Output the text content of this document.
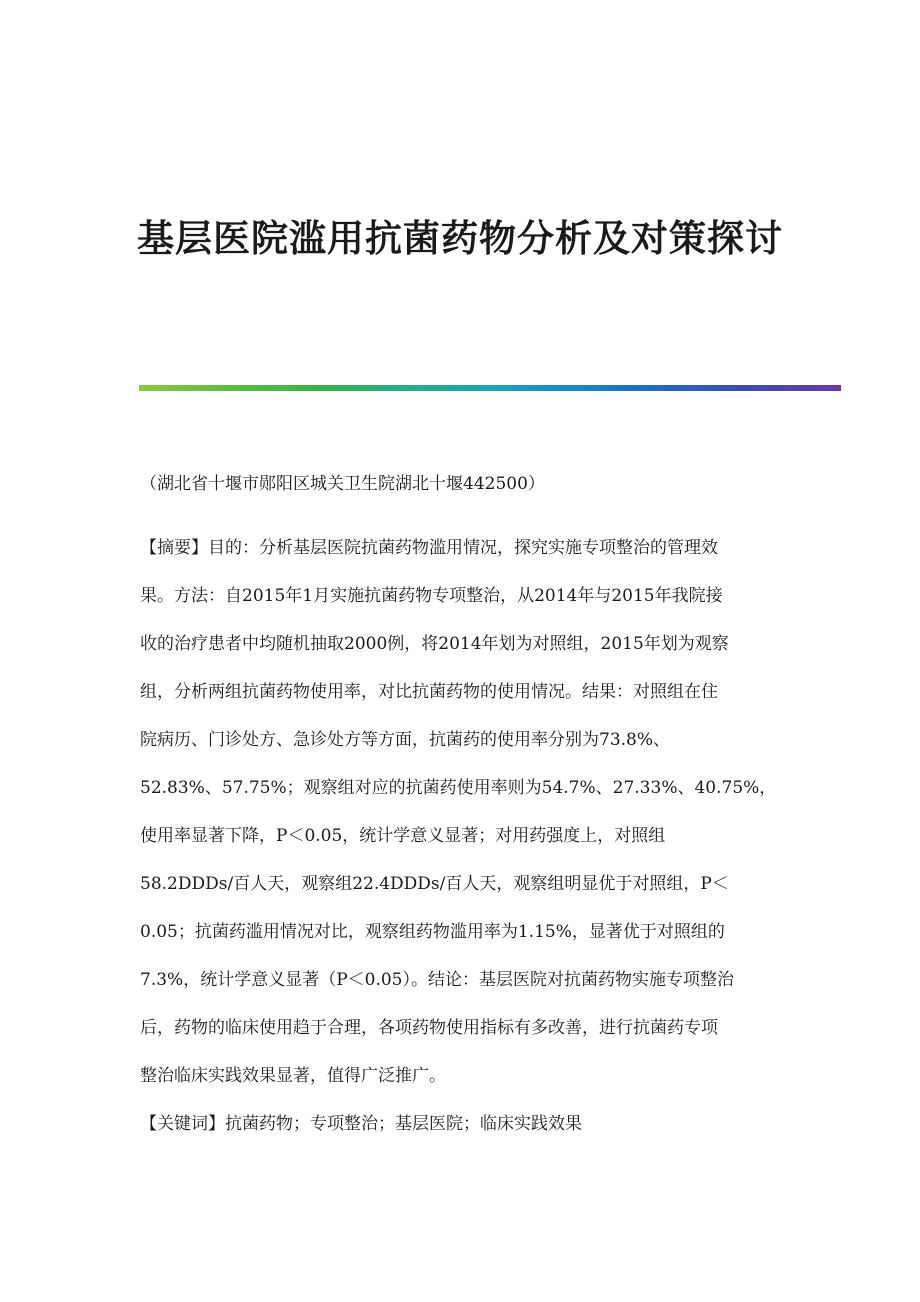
基层医院滥用抗菌药物分析及对策探讨

（湖北省十堰市郧阳区城关卫生院湖北十堰442500）

【摘要】目的：分析基层医院抗菌药物滥用情况，探究实施专项整治的管理效
果。方法：自2015年1月实施抗菌药物专项整治，从2014年与2015年我院接
收的治疗患者中均随机抽取2000例，将2014年划为对照组，2015年划为观察
组，分析两组抗菌药物使用率，对比抗菌药物的使用情况。结果：对照组在住
院病历、门诊处方、急诊处方等方面，抗菌药的使用率分别为73.8%、
52.83%、57.75%；观察组对应的抗菌药使用率则为54.7%、27.33%、40.75%，
使用率显著下降，P＜0.05，统计学意义显著；对用药强度上，对照组
58.2DDDs/百人天，观察组22.4DDDs/百人天，观察组明显优于对照组，P＜
0.05；抗菌药滥用情况对比，观察组药物滥用率为1.15%，显著优于对照组的
7.3%，统计学意义显著（P＜0.05）。结论：基层医院对抗菌药物实施专项整治
后，药物的临床使用趋于合理，各项药物使用指标有多改善，进行抗菌药专项
整治临床实践效果显著，值得广泛推广。

【关键词】抗菌药物；专项整治；基层医院；临床实践效果
